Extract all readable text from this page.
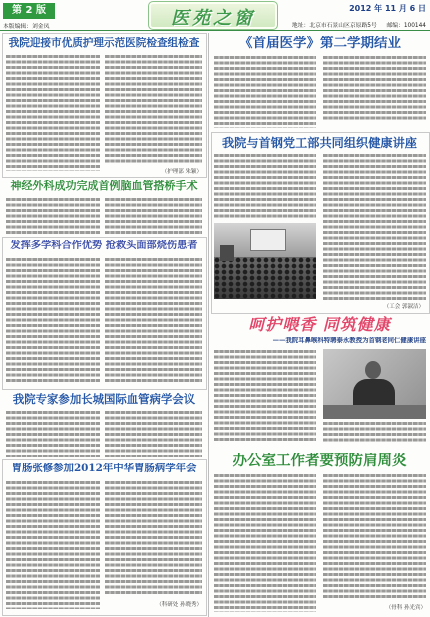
第 2 版
本版编辑：刘金凤	医苑之窗	2012 年 11 月 6 日
地址：北京市石景山区京原路5号 邮编：100144
我院迎接市优质护理示范医院检查组检查
（护理部 朱颖）
神经外科成功完成首例脑血管搭桥手术
发挥多学科合作优势 抢救头面部烧伤患者
我院专家参加长城国际血管病学会议
胃肠张修参加2012年中华胃肠病学年会
（科研处 孙晓秀）
《首届医学》第二学期结业
我院与首钢党工部共同组织健康讲座
（工会 郭淑洁）
呵护喂香 同筑健康
——我院耳鼻喉科特聘泰永教授为首钢老同仁健康讲座
办公室工作者要预防肩周炎
（骨科 孙光宾）
